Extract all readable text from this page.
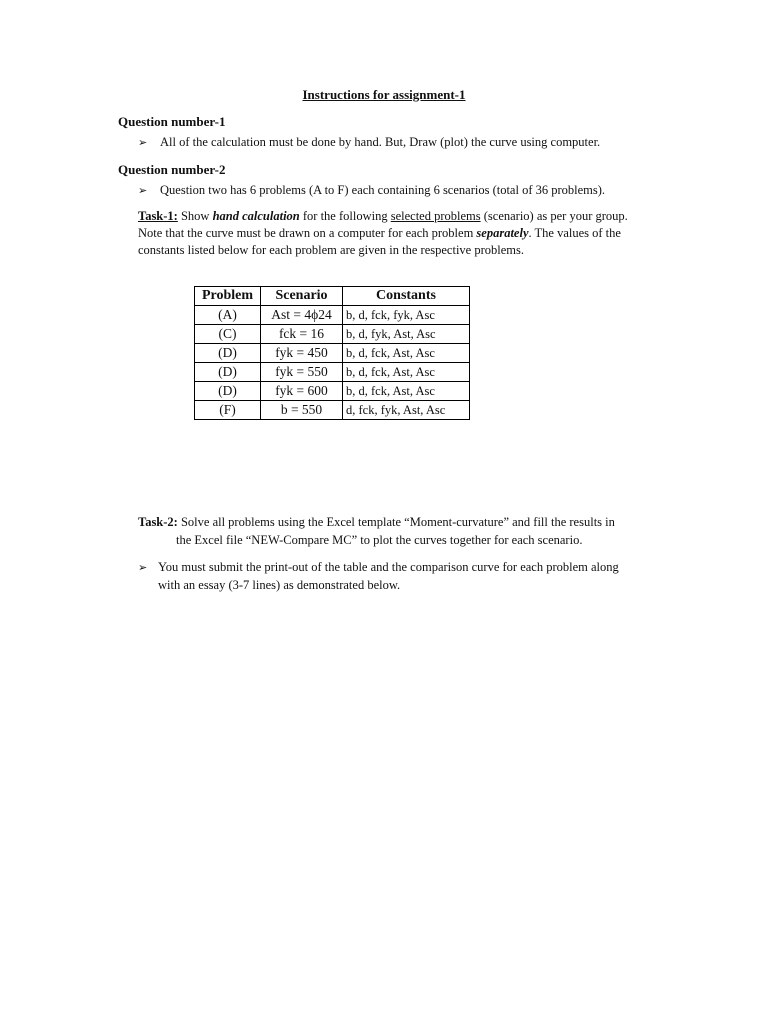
Instructions for assignment-1
Question number-1
➢ All of the calculation must be done by hand. But, Draw (plot) the curve using computer.
Question number-2
➢ Question two has 6 problems (A to F) each containing 6 scenarios (total of 36 problems).
Task-1: Show hand calculation for the following selected problems (scenario) as per your group.
Note that the curve must be drawn on a computer for each problem separately. The values of the
constants listed below for each problem are given in the respective problems.
Problem	Scenario	Constants
(A)	Ast = 4ϕ24	b, d, fck, fyk, Asc
(C)	fck = 16	b, d, fyk, Ast, Asc
(D)	fyk = 450	b, d, fck, Ast, Asc
(D)	fyk = 550	b, d, fck, Ast, Asc
(D)	fyk = 600	b, d, fck, Ast, Asc
(F)	b = 550	d, fck, fyk, Ast, Asc
Task-2: Solve all problems using the Excel template “Moment-curvature” and fill the results in
the Excel file “NEW-Compare MC” to plot the curves together for each scenario.
➢ You must submit the print-out of the table and the comparison curve for each problem along
with an essay (3-7 lines) as demonstrated below.
